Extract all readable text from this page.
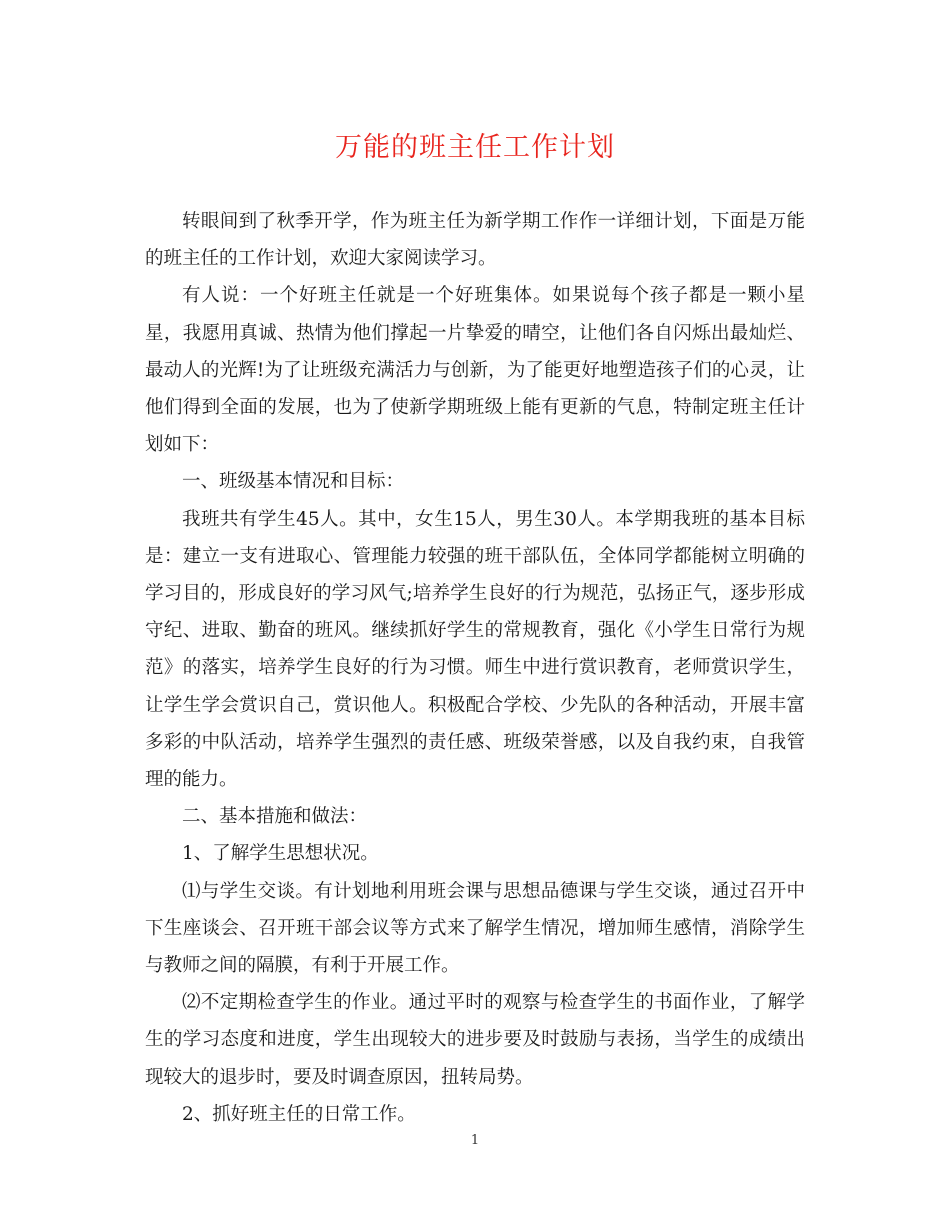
万能的班主任工作计划

转眼间到了秋季开学，作为班主任为新学期工作作一详细计划，下面是万能的班主任的工作计划，欢迎大家阅读学习。

有人说：一个好班主任就是一个好班集体。如果说每个孩子都是一颗小星星，我愿用真诚、热情为他们撑起一片挚爱的晴空，让他们各自闪烁出最灿烂、最动人的光辉!为了让班级充满活力与创新，为了能更好地塑造孩子们的心灵，让他们得到全面的发展，也为了使新学期班级上能有更新的气息，特制定班主任计划如下：

一、班级基本情况和目标：

我班共有学生45人。其中，女生15人，男生30人。本学期我班的基本目标是：建立一支有进取心、管理能力较强的班干部队伍，全体同学都能树立明确的学习目的，形成良好的学习风气;培养学生良好的行为规范，弘扬正气，逐步形成守纪、进取、勤奋的班风。继续抓好学生的常规教育，强化《小学生日常行为规范》的落实，培养学生良好的行为习惯。师生中进行赏识教育，老师赏识学生，让学生学会赏识自己，赏识他人。积极配合学校、少先队的各种活动，开展丰富多彩的中队活动，培养学生强烈的责任感、班级荣誉感，以及自我约束，自我管理的能力。

二、基本措施和做法：

1、了解学生思想状况。

⑴与学生交谈。有计划地利用班会课与思想品德课与学生交谈，通过召开中下生座谈会、召开班干部会议等方式来了解学生情况，增加师生感情，消除学生与教师之间的隔膜，有利于开展工作。

⑵不定期检查学生的作业。通过平时的观察与检查学生的书面作业，了解学生的学习态度和进度，学生出现较大的进步要及时鼓励与表扬，当学生的成绩出现较大的退步时，要及时调查原因，扭转局势。

2、抓好班主任的日常工作。

1
